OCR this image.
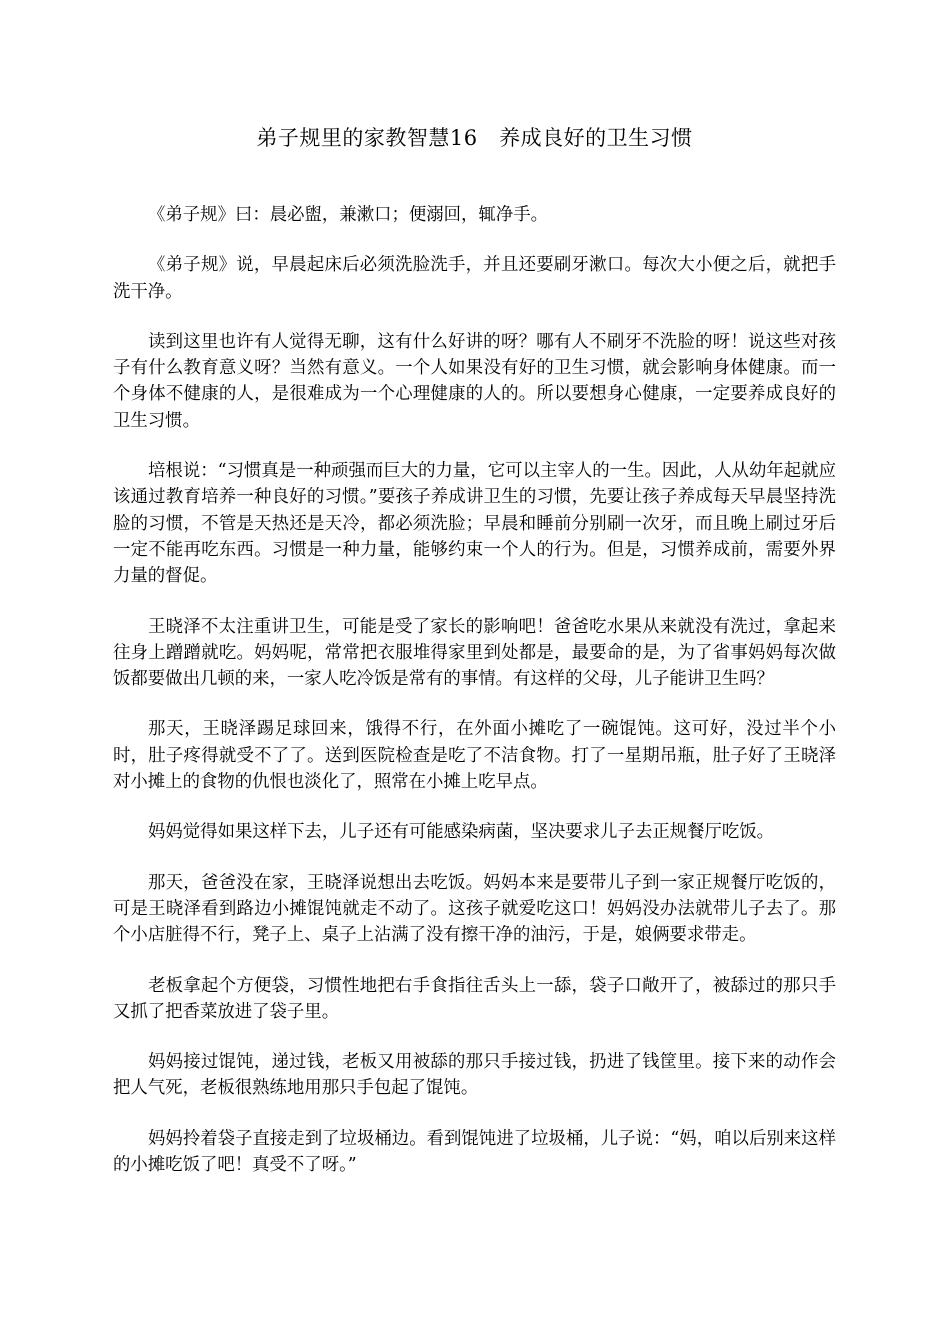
弟子规里的家教智慧16　养成良好的卫生习惯

《弟子规》曰：晨必盥，兼漱口；便溺回，辄净手。

《弟子规》说，早晨起床后必须洗脸洗手，并且还要刷牙漱口。每次大小便之后，就把手洗干净。

读到这里也许有人觉得无聊，这有什么好讲的呀？哪有人不刷牙不洗脸的呀！说这些对孩子有什么教育意义呀？当然有意义。一个人如果没有好的卫生习惯，就会影响身体健康。而一个身体不健康的人，是很难成为一个心理健康的人的。所以要想身心健康，一定要养成良好的卫生习惯。

培根说：“习惯真是一种顽强而巨大的力量，它可以主宰人的一生。因此，人从幼年起就应该通过教育培养一种良好的习惯。”要孩子养成讲卫生的习惯，先要让孩子养成每天早晨坚持洗脸的习惯，不管是天热还是天冷，都必须洗脸；早晨和睡前分别刷一次牙，而且晚上刷过牙后一定不能再吃东西。习惯是一种力量，能够约束一个人的行为。但是，习惯养成前，需要外界力量的督促。

王晓泽不太注重讲卫生，可能是受了家长的影响吧！爸爸吃水果从来就没有洗过，拿起来往身上蹭蹭就吃。妈妈呢，常常把衣服堆得家里到处都是，最要命的是，为了省事妈妈每次做饭都要做出几顿的来，一家人吃冷饭是常有的事情。有这样的父母，儿子能讲卫生吗？

那天，王晓泽踢足球回来，饿得不行，在外面小摊吃了一碗馄饨。这可好，没过半个小时，肚子疼得就受不了了。送到医院检查是吃了不洁食物。打了一星期吊瓶，肚子好了王晓泽对小摊上的食物的仇恨也淡化了，照常在小摊上吃早点。

妈妈觉得如果这样下去，儿子还有可能感染病菌，坚决要求儿子去正规餐厅吃饭。

那天，爸爸没在家，王晓泽说想出去吃饭。妈妈本来是要带儿子到一家正规餐厅吃饭的，可是王晓泽看到路边小摊馄饨就走不动了。这孩子就爱吃这口！妈妈没办法就带儿子去了。那个小店脏得不行，凳子上、桌子上沾满了没有擦干净的油污，于是，娘俩要求带走。

老板拿起个方便袋，习惯性地把右手食指往舌头上一舔，袋子口敞开了，被舔过的那只手又抓了把香菜放进了袋子里。

妈妈接过馄饨，递过钱，老板又用被舔的那只手接过钱，扔进了钱筐里。接下来的动作会把人气死，老板很熟练地用那只手包起了馄饨。

妈妈拎着袋子直接走到了垃圾桶边。看到馄饨进了垃圾桶，儿子说：“妈，咱以后别来这样的小摊吃饭了吧！真受不了呀。”
